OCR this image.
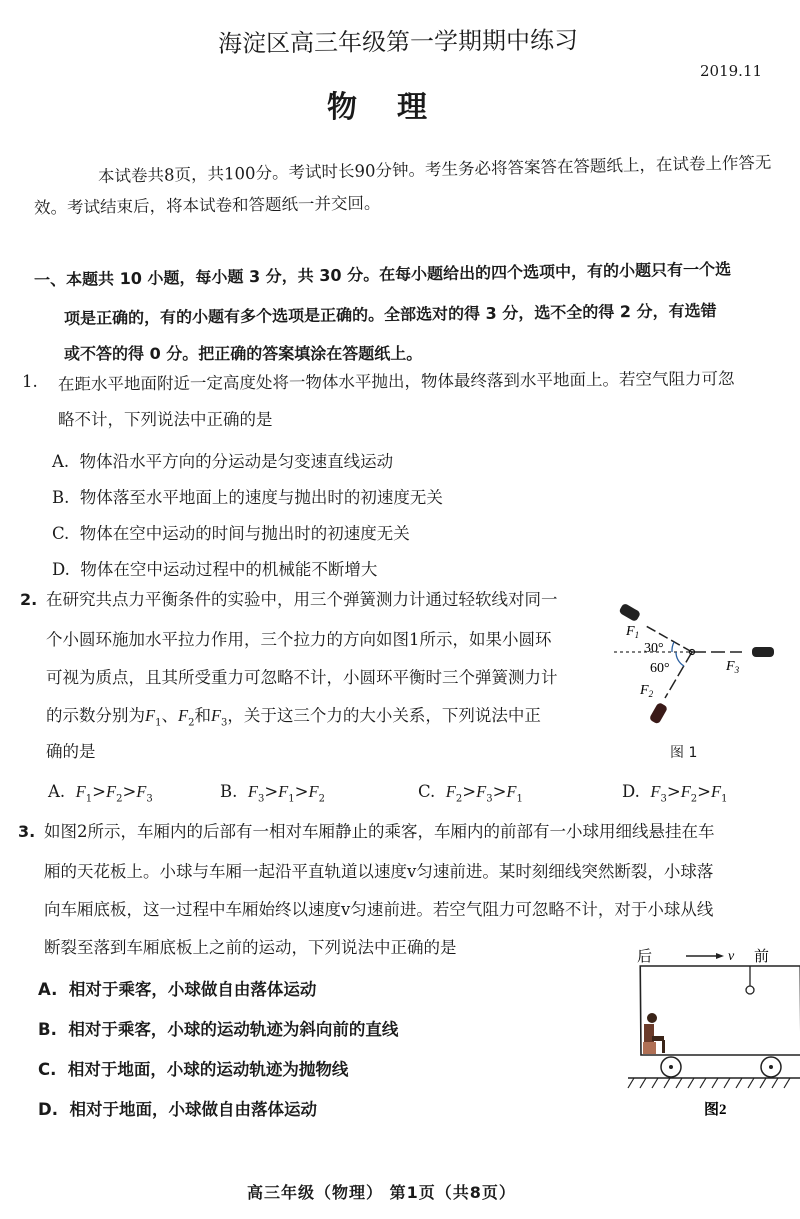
海淀区高三年级第一学期期中练习
2019.11
物理
本试卷共8页，共100分。考试时长90分钟。考生务必将答案答在答题纸上，在试卷上作答无
效。考试结束后，将本试卷和答题纸一并交回。
一、本题共 10 小题，每小题 3 分，共 30 分。在每小题给出的四个选项中，有的小题只有一个选
项是正确的，有的小题有多个选项是正确的。全部选对的得 3 分，选不全的得 2 分，有选错
或不答的得 0 分。把正确的答案填涂在答题纸上。
1. 在距水平地面附近一定高度处将一物体水平抛出，物体最终落到水平地面上。若空气阻力可忽
略不计，下列说法中正确的是
A. 物体沿水平方向的分运动是匀变速直线运动
B. 物体落至水平地面上的速度与抛出时的初速度无关
C. 物体在空中运动的时间与抛出时的初速度无关
D. 物体在空中运动过程中的机械能不断增大
2. 在研究共点力平衡条件的实验中，用三个弹簧测力计通过轻软线对同一
个小圆环施加水平拉力作用，三个拉力的方向如图1所示，如果小圆环
可视为质点，且其所受重力可忽略不计，小圆环平衡时三个弹簧测力计
的示数分别为$F_1$、$F_2$和$F_3$，关于这三个力的大小关系，下列说法中正
确的是
$F_1$
30°
60°
$F_2$
$F_3$
图 1
A. $F_1>F_2>F_3$	B. $F_3>F_1>F_2$	C. $F_2>F_3>F_1$	D. $F_3>F_2>F_1$
3. 如图2所示，车厢内的后部有一相对车厢静止的乘客，车厢内的前部有一小球用细线悬挂在车
厢的天花板上。小球与车厢一起沿平直轨道以速度v匀速前进。某时刻细线突然断裂，小球落
向车厢底板，这一过程中车厢始终以速度v匀速前进。若空气阻力可忽略不计，对于小球从线
断裂至落到车厢底板上之前的运动，下列说法中正确的是
A. 相对于乘客，小球做自由落体运动
B. 相对于乘客，小球的运动轨迹为斜向前的直线
C. 相对于地面，小球的运动轨迹为抛物线
D. 相对于地面，小球做自由落体运动
后	v 前
图2
高三年级（物理） 第1页（共8页）
